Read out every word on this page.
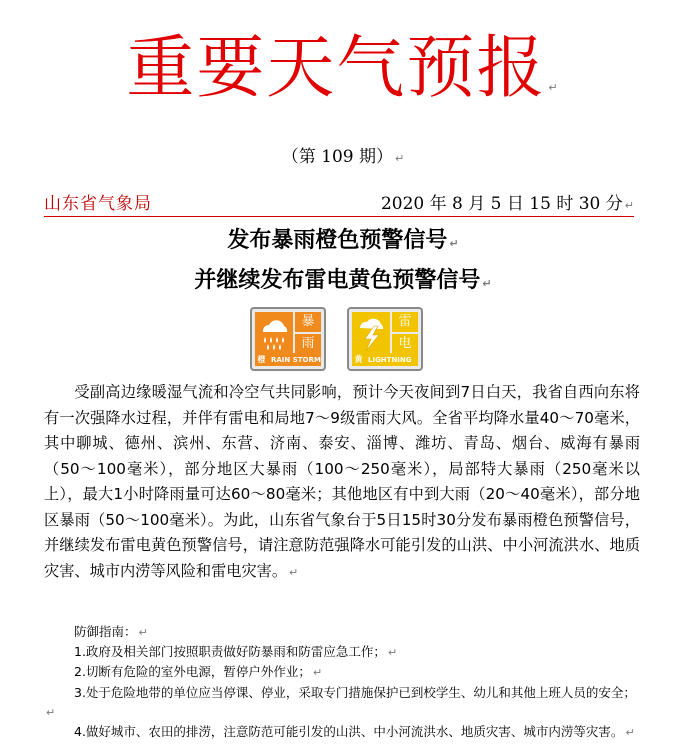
重要天气预报 ↵
（第 109 期） ↵
山东省气象局	2020 年 8 月 5 日 15 时 30 分 ↵
发布暴雨橙色预警信号 ↵
并继续发布雷电黄色预警信号 ↵
暴
雨
橙 RAIN STORM
雷
电
黄 LIGHTNING

受副高边缘暖湿气流和冷空气共同影响，预计今天夜间到7日白天，我省自西向东将有一次强降水过程，并伴有雷电和局地7～9级雷雨大风。全省平均降水量40～70毫米，其中聊城、德州、滨州、东营、济南、泰安、淄博、潍坊、青岛、烟台、威海有暴雨（50～100毫米），部分地区大暴雨（100～250毫米），局部特大暴雨（250毫米以上），最大1小时降雨量可达60～80毫米；其他地区有中到大雨（20～40毫米），部分地区暴雨（50～100毫米）。为此，山东省气象台于5日15时30分发布暴雨橙色预警信号，并继续发布雷电黄色预警信号，请注意防范强降水可能引发的山洪、中小河流洪水、地质灾害、城市内涝等风险和雷电灾害。 ↵

防御指南： ↵

1.政府及相关部门按照职责做好防暴雨和防雷应急工作； ↵

2.切断有危险的室外电源，暂停户外作业； ↵

3.处于危险地带的单位应当停课、停业，采取专门措施保护已到校学生、幼儿和其他上班人员的安全；↵

4.做好城市、农田的排涝，注意防范可能引发的山洪、中小河流洪水、地质灾害、城市内涝等灾害。 ↵
